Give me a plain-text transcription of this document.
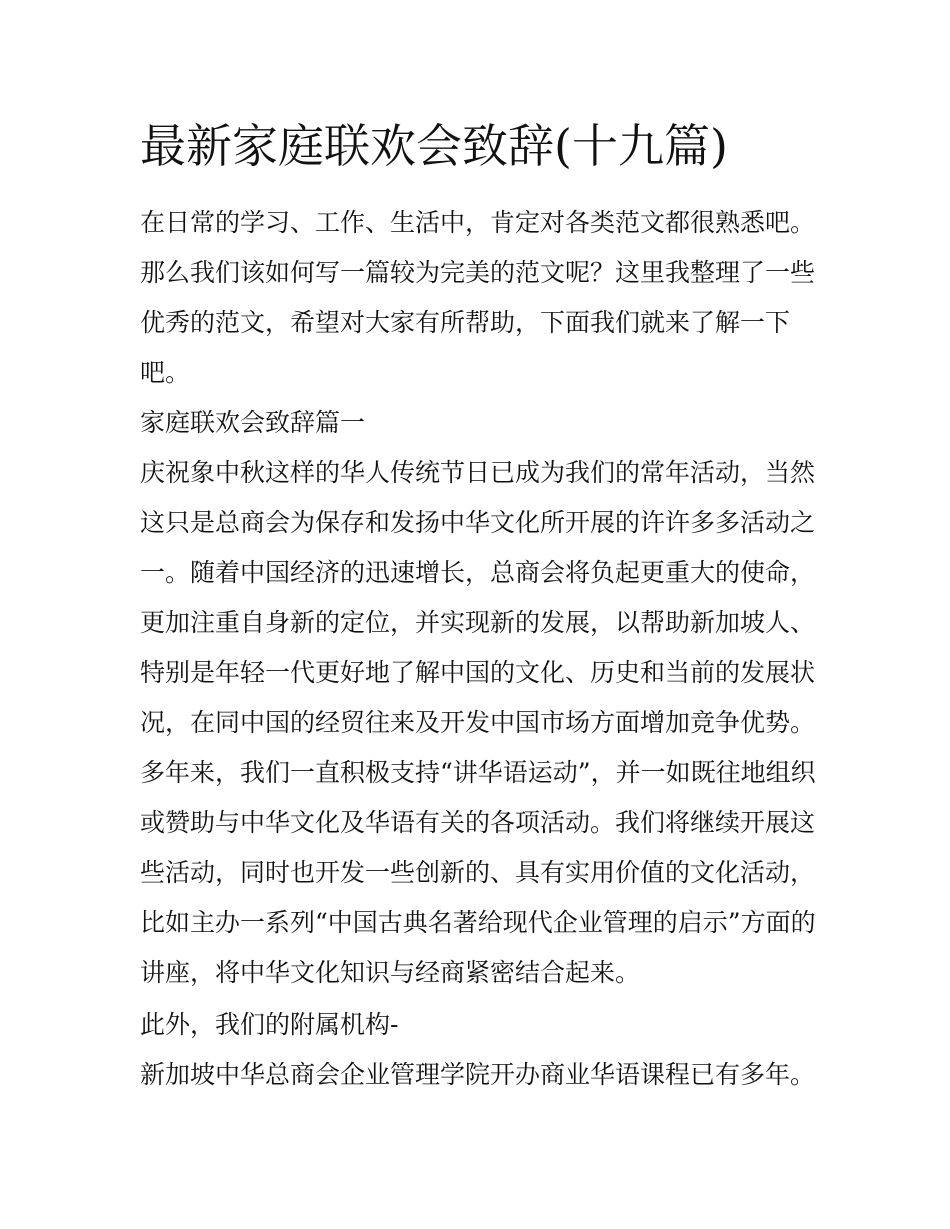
最新家庭联欢会致辞(十九篇)

在日常的学习、工作、生活中，肯定对各类范文都很熟悉吧。
那么我们该如何写一篇较为完美的范文呢？这里我整理了一些
优秀的范文，希望对大家有所帮助，下面我们就来了解一下
吧。

家庭联欢会致辞篇一

庆祝象中秋这样的华人传统节日已成为我们的常年活动，当然
这只是总商会为保存和发扬中华文化所开展的许许多多活动之
一。随着中国经济的迅速增长，总商会将负起更重大的使命，
更加注重自身新的定位，并实现新的发展，以帮助新加坡人、
特别是年轻一代更好地了解中国的文化、历史和当前的发展状
况，在同中国的经贸往来及开发中国市场方面增加竞争优势。
多年来，我们一直积极支持“讲华语运动”，并一如既往地组织
或赞助与中华文化及华语有关的各项活动。我们将继续开展这
些活动，同时也开发一些创新的、具有实用价值的文化活动，
比如主办一系列“中国古典名著给现代企业管理的启示”方面的
讲座，将中华文化知识与经商紧密结合起来。

此外，我们的附属机构-

新加坡中华总商会企业管理学院开办商业华语课程已有多年。
